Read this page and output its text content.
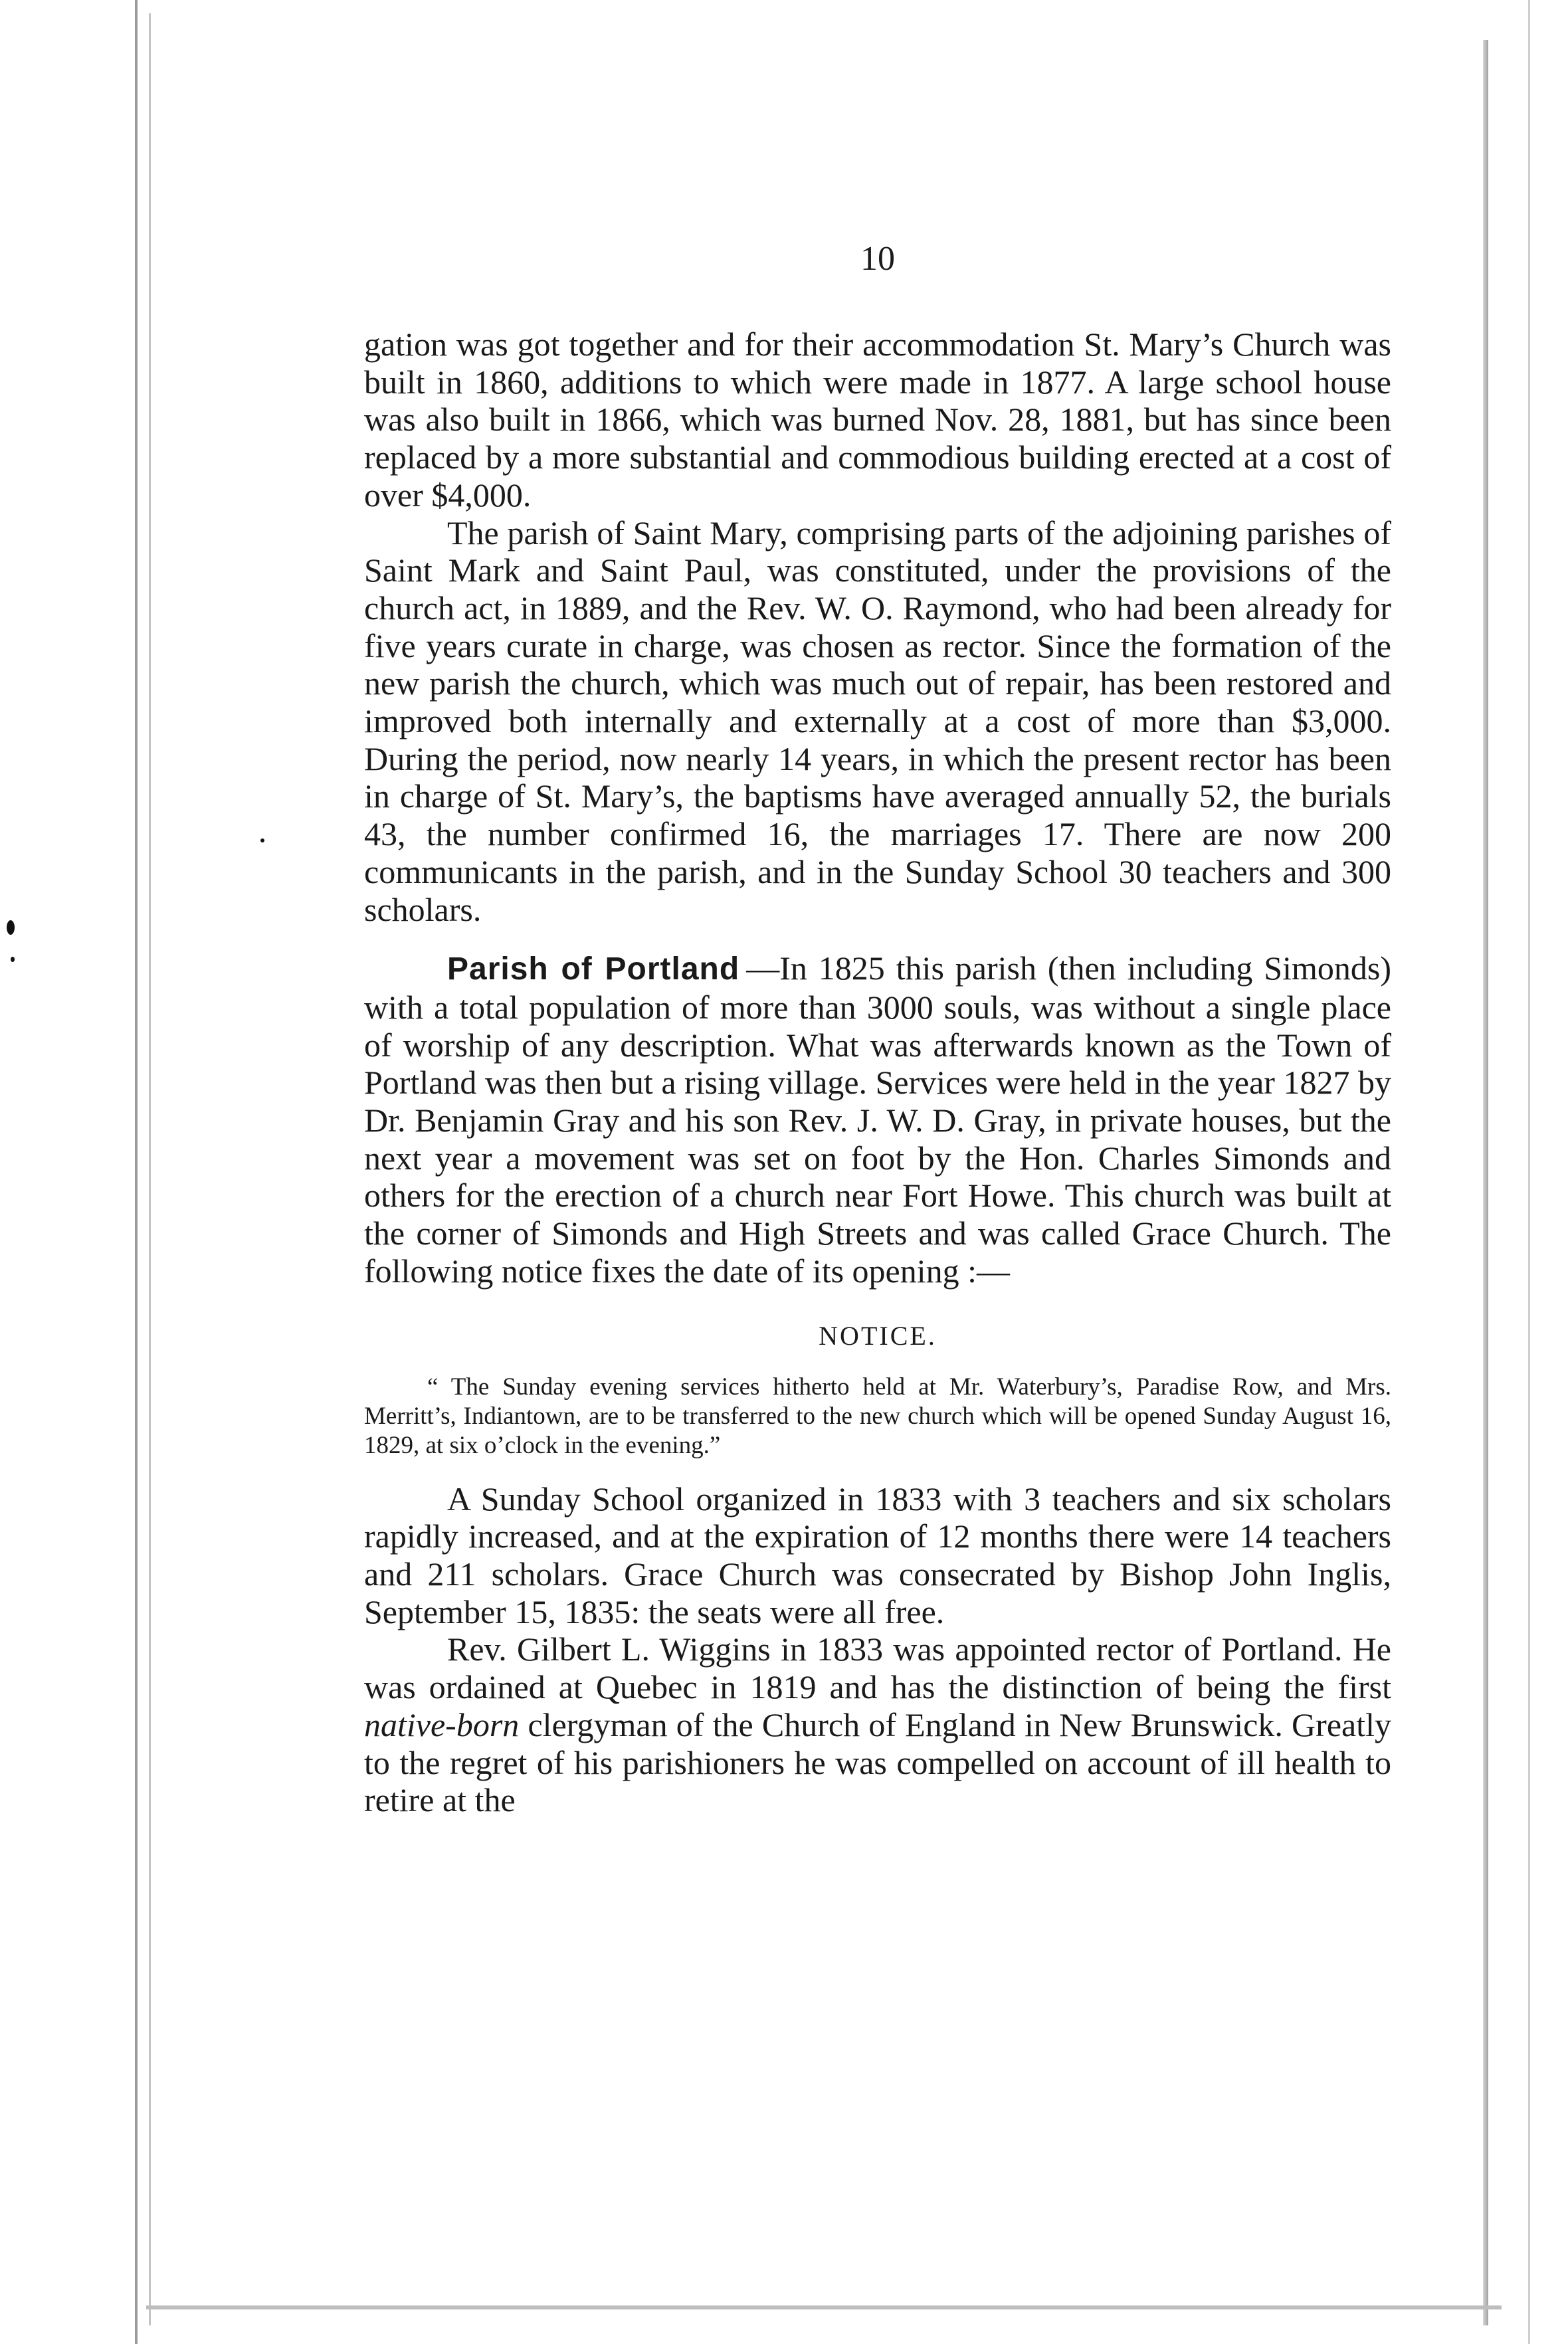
10

gation was got together and for their accommodation St. Mary’s Church was built in 1860, additions to which were made in 1877. A large school house was also built in 1866, which was burned Nov. 28, 1881, but has since been replaced by a more substantial and commodious building erected at a cost of over $4,000.

The parish of Saint Mary, comprising parts of the adjoining parishes of Saint Mark and Saint Paul, was constituted, under the provisions of the church act, in 1889, and the Rev. W. O. Raymond, who had been already for five years curate in charge, was chosen as rector. Since the formation of the new parish the church, which was much out of repair, has been restored and improved both internally and externally at a cost of more than $3,000. During the period, now nearly 14 years, in which the present rector has been in charge of St. Mary’s, the baptisms have averaged annually 52, the burials 43, the number confirmed 16, the marriages 17. There are now 200 communicants in the parish, and in the Sunday School 30 teachers and 300 scholars.

Parish of Portland —In 1825 this parish (then including Simonds) with a total population of more than 3000 souls, was without a single place of worship of any description. What was afterwards known as the Town of Portland was then but a rising village. Services were held in the year 1827 by Dr. Benjamin Gray and his son Rev. J. W. D. Gray, in private houses, but the next year a movement was set on foot by the Hon. Charles Simonds and others for the erection of a church near Fort Howe. This church was built at the corner of Simonds and High Streets and was called Grace Church. The following notice fixes the date of its opening :—

NOTICE.
“ The Sunday evening services hitherto held at Mr. Waterbury’s, Paradise Row, and Mrs. Merritt’s, Indiantown, are to be transferred to the new church which will be opened Sunday August 16, 1829, at six o’clock in the evening.”

A Sunday School organized in 1833 with 3 teachers and six scholars rapidly increased, and at the expiration of 12 months there were 14 teachers and 211 scholars. Grace Church was consecrated by Bishop John Inglis, September 15, 1835: the seats were all free.

Rev. Gilbert L. Wiggins in 1833 was appointed rector of Portland. He was ordained at Quebec in 1819 and has the distinction of being the first native-born clergyman of the Church of England in New Brunswick. Greatly to the regret of his parishioners he was compelled on account of ill health to retire at the
